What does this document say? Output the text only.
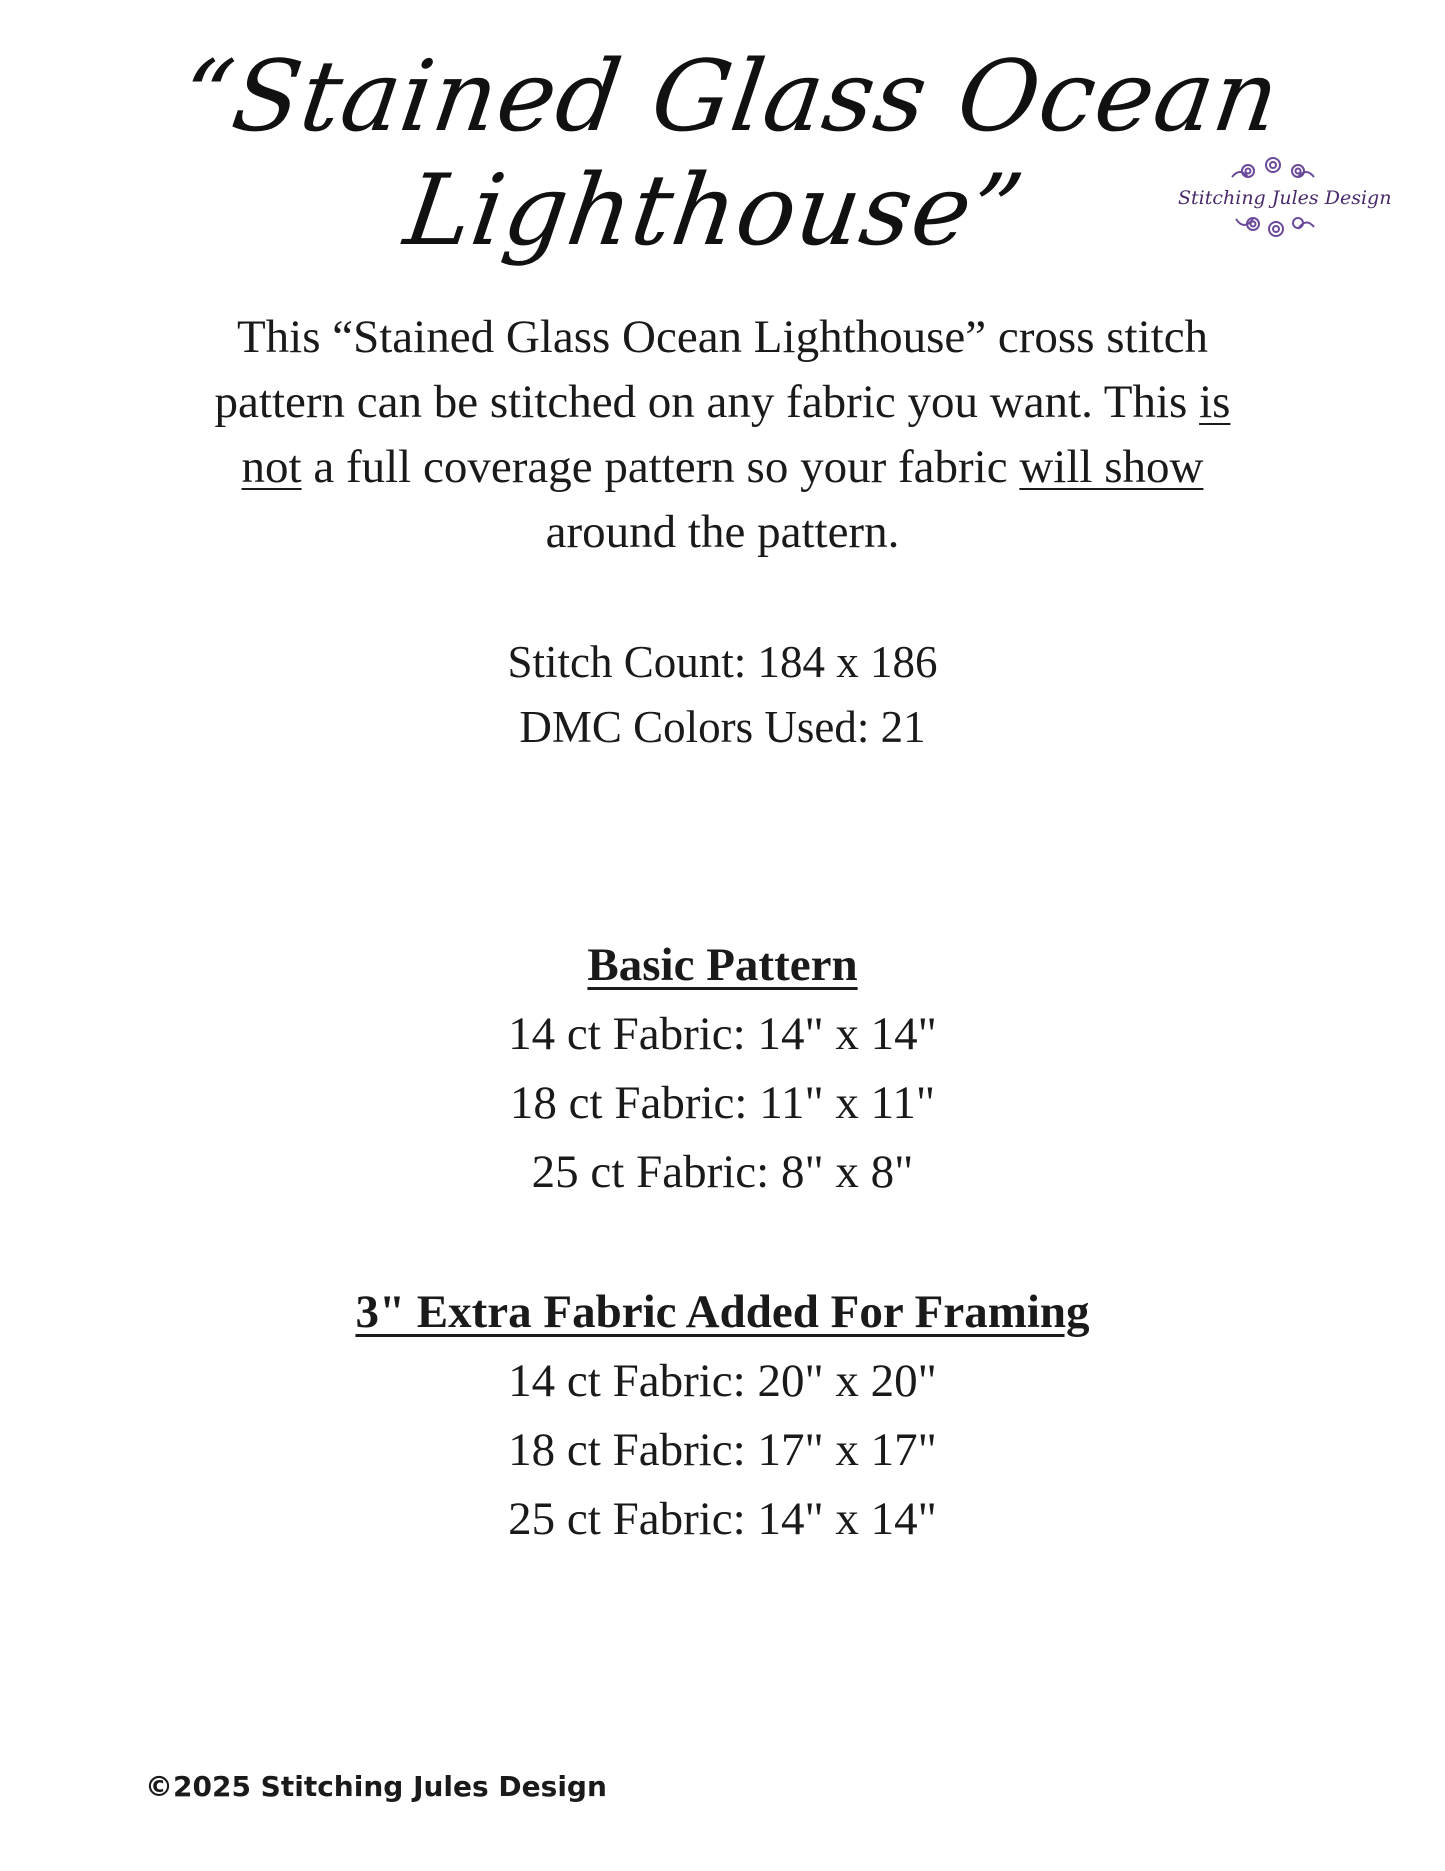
“Stained Glass Ocean Lighthouse”	Stitching Jules Design
This “Stained Glass Ocean Lighthouse” cross stitch pattern can be stitched on any fabric you want. This is not a full coverage pattern so your fabric will show around the pattern.
Stitch Count: 184 x 186
DMC Colors Used: 21
Basic Pattern
14 ct Fabric: 14" x 14"
18 ct Fabric: 11" x 11"
25 ct Fabric: 8" x 8"
3" Extra Fabric Added For Framing
14 ct Fabric: 20" x 20"
18 ct Fabric: 17" x 17"
25 ct Fabric: 14" x 14"
©2025 Stitching Jules Design
